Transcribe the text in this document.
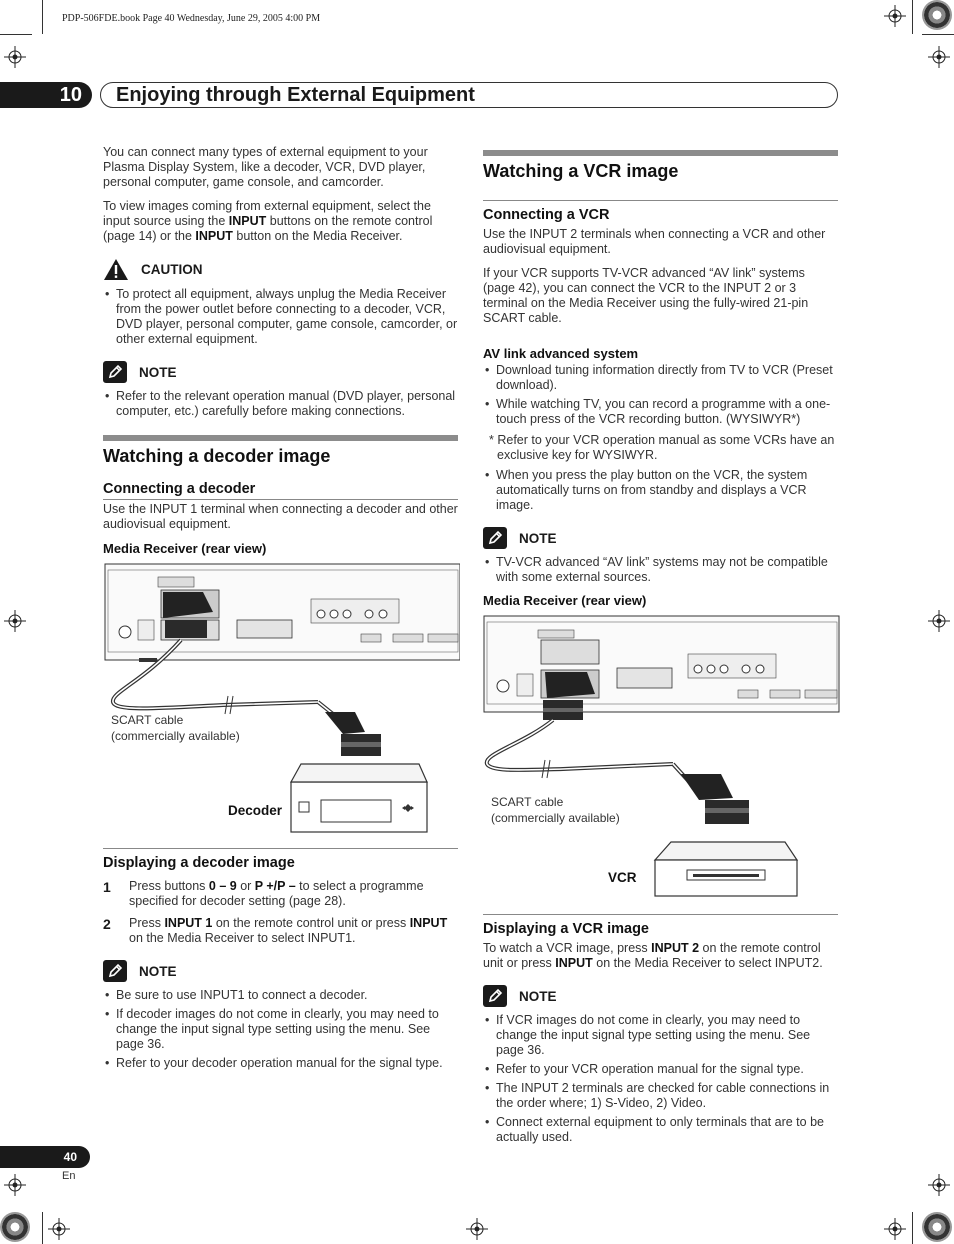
PDP-506FDE.book Page 40 Wednesday, June 29, 2005 4:00 PM
10	Enjoying through External Equipment

You can connect many types of external equipment to your Plasma Display System, like a decoder, VCR, DVD player, personal computer, game console, and camcorder.

To view images coming from external equipment, select the input source using the INPUT buttons on the remote control (page 14) or the INPUT button on the Media Receiver.

CAUTION
• To protect all equipment, always unplug the Media Receiver from the power outlet before connecting to a decoder, VCR, DVD player, personal computer, game console, camcorder, or other external equipment.
NOTE
• Refer to the relevant operation manual (DVD player, personal computer, etc.) carefully before making connections.
Watching a decoder image
Connecting a decoder

Use the INPUT 1 terminal when connecting a decoder and other audiovisual equipment.

Media Receiver (rear view)
SCART cable
(commercially available)
Decoder
Displaying a decoder image
1	Press buttons 0 – 9 or P +/P – to select a programme specified for decoder setting (page 28).
2	Press INPUT 1 on the remote control unit or press INPUT on the Media Receiver to select INPUT1.
NOTE
• Be sure to use INPUT1 to connect a decoder.
• If decoder images do not come in clearly, you may need to change the input signal type setting using the menu. See page 36.
• Refer to your decoder operation manual for the signal type.
Watching a VCR image
Connecting a VCR

Use the INPUT 2 terminals when connecting a VCR and other audiovisual equipment.

If your VCR supports TV-VCR advanced “AV link” systems (page 42), you can connect the VCR to the INPUT 2 or 3 terminal on the Media Receiver using the fully-wired 21-pin SCART cable.

AV link advanced system
• Download tuning information directly from TV to VCR (Preset download).
• While watching TV, you can record a programme with a one-touch press of the VCR recording button. (WYSIWYR*)
* Refer to your VCR operation manual as some VCRs have an exclusive key for WYSIWYR.
• When you press the play button on the VCR, the system automatically turns on from standby and displays a VCR image.
NOTE
• TV-VCR advanced “AV link” systems may not be compatible with some external sources.
Media Receiver (rear view)
SCART cable
(commercially available)
VCR
Displaying a VCR image

To watch a VCR image, press INPUT 2 on the remote control unit or press INPUT on the Media Receiver to select INPUT2.

NOTE
• If VCR images do not come in clearly, you may need to change the input signal type setting using the menu. See page 36.
• Refer to your VCR operation manual for the signal type.
• The INPUT 2 terminals are checked for cable connections in the order where; 1) S-Video, 2) Video.
• Connect external equipment to only terminals that are to be actually used.
40
En
